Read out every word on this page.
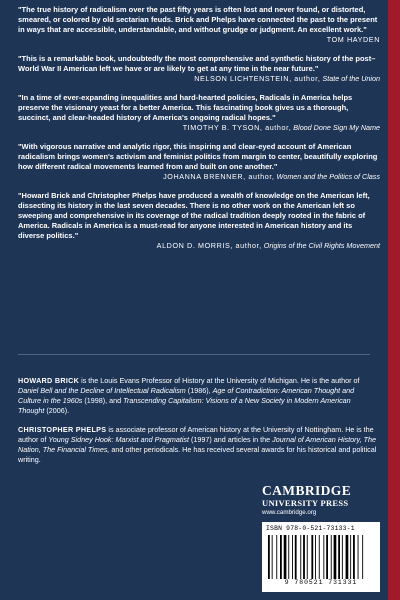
"The true history of radicalism over the past fifty years is often lost and never found, or distorted, smeared, or colored by old sectarian feuds. Brick and Phelps have connected the past to the present in ways that are accessible, understandable, and without grudge or judgment. An excellent work."

TOM HAYDEN

"This is a remarkable book, undoubtedly the most comprehensive and synthetic history of the post–World War II American left we have or are likely to get at any time in the near future."

NELSON LICHTENSTEIN, author, State of the Union

"In a time of ever-expanding inequalities and hard-hearted policies, Radicals in America helps preserve the visionary yeast for a better America. This fascinating book gives us a thorough, succinct, and clear-headed history of America's ongoing radical hopes."

TIMOTHY B. TYSON, author, Blood Done Sign My Name

"With vigorous narrative and analytic rigor, this inspiring and clear-eyed account of American radicalism brings women's activism and feminist politics from margin to center, beautifully exploring how different radical movements learned from and built on one another."

JOHANNA BRENNER, author, Women and the Politics of Class

"Howard Brick and Christopher Phelps have produced a wealth of knowledge on the American left, dissecting its history in the last seven decades. There is no other work on the American left so sweeping and comprehensive in its coverage of the radical tradition deeply rooted in the fabric of America. Radicals in America is a must-read for anyone interested in American history and its diverse politics."

ALDON D. MORRIS, author, Origins of the Civil Rights Movement

HOWARD BRICK is the Louis Evans Professor of History at the University of Michigan. He is the author of Daniel Bell and the Decline of Intellectual Radicalism (1986), Age of Contradiction: American Thought and Culture in the 1960s (1998), and Transcending Capitalism: Visions of a New Society in Modern American Thought (2006).

CHRISTOPHER PHELPS is associate professor of American history at the University of Nottingham. He is the author of Young Sidney Hook: Marxist and Pragmatist (1997) and articles in the Journal of American History, The Nation, The Financial Times, and other periodicals. He has received several awards for his historical and political writing.

CAMBRIDGE

UNIVERSITY PRESS

www.cambridge.org

ISBN 978-0-521-73133-1

9 780521 731331
